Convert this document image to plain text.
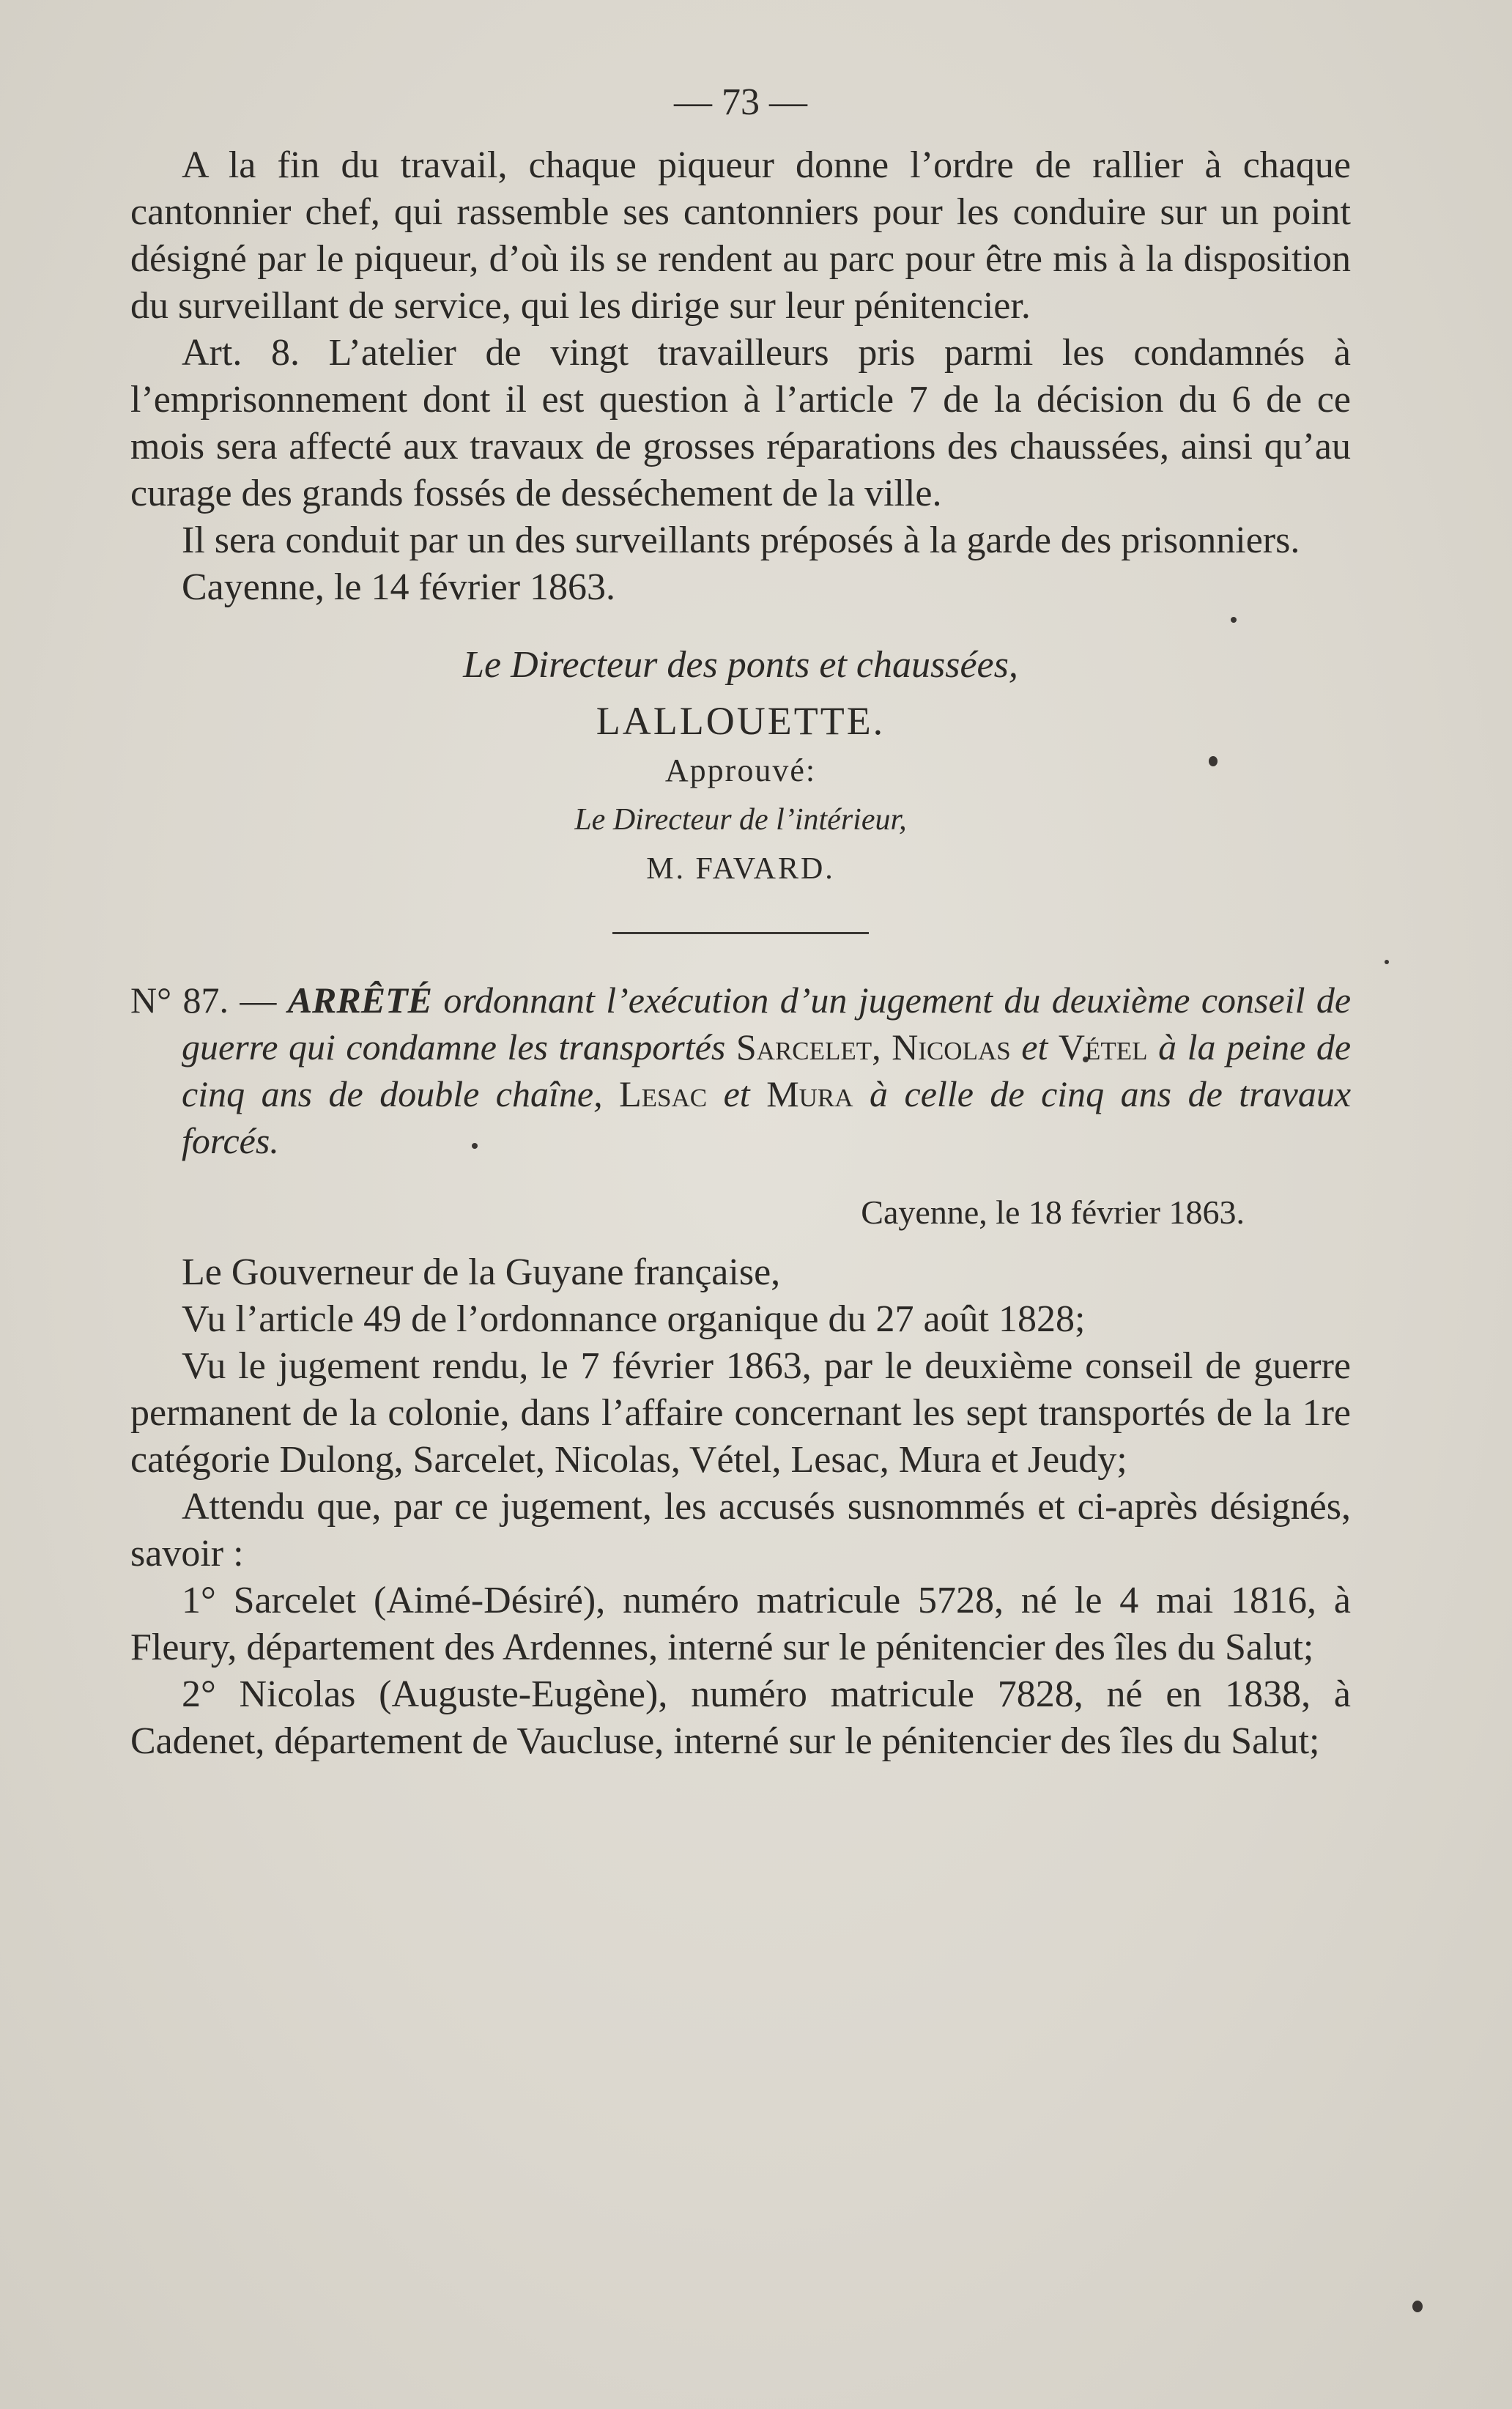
— 73 —

A la fin du travail, chaque piqueur donne l’ordre de rallier à chaque cantonnier chef, qui rassemble ses cantonniers pour les conduire sur un point désigné par le piqueur, d’où ils se rendent au parc pour être mis à la disposition du surveillant de service, qui les dirige sur leur pénitencier.

Art. 8. L’atelier de vingt travailleurs pris parmi les condamnés à l’emprisonnement dont il est question à l’article 7 de la décision du 6 de ce mois sera affecté aux travaux de grosses réparations des chaussées, ainsi qu’au curage des grands fossés de desséchement de la ville.

Il sera conduit par un des surveillants préposés à la garde des prisonniers.

Cayenne, le 14 février 1863.

Le Directeur des ponts et chaussées,
LALLOUETTE.
Approuvé:
Le Directeur de l’intérieur,
M. FAVARD.

N° 87. — ARRÊTÉ ordonnant l’exécution d’un jugement du deuxième conseil de guerre qui condamne les transportés Sarcelet, Nicolas et Vétel à la peine de cinq ans de double chaîne, Lesac et Mura à celle de cinq ans de travaux forcés.

Cayenne, le 18 février 1863.

Le Gouverneur de la Guyane française,

Vu l’article 49 de l’ordonnance organique du 27 août 1828;

Vu le jugement rendu, le 7 février 1863, par le deuxième conseil de guerre permanent de la colonie, dans l’affaire concernant les sept transportés de la 1re catégorie Dulong, Sarcelet, Nicolas, Vétel, Lesac, Mura et Jeudy;

Attendu que, par ce jugement, les accusés susnommés et ci-après désignés, savoir :

1° Sarcelet (Aimé-Désiré), numéro matricule 5728, né le 4 mai 1816, à Fleury, département des Ardennes, interné sur le pénitencier des îles du Salut;

2° Nicolas (Auguste-Eugène), numéro matricule 7828, né en 1838, à Cadenet, département de Vaucluse, interné sur le pénitencier des îles du Salut;
